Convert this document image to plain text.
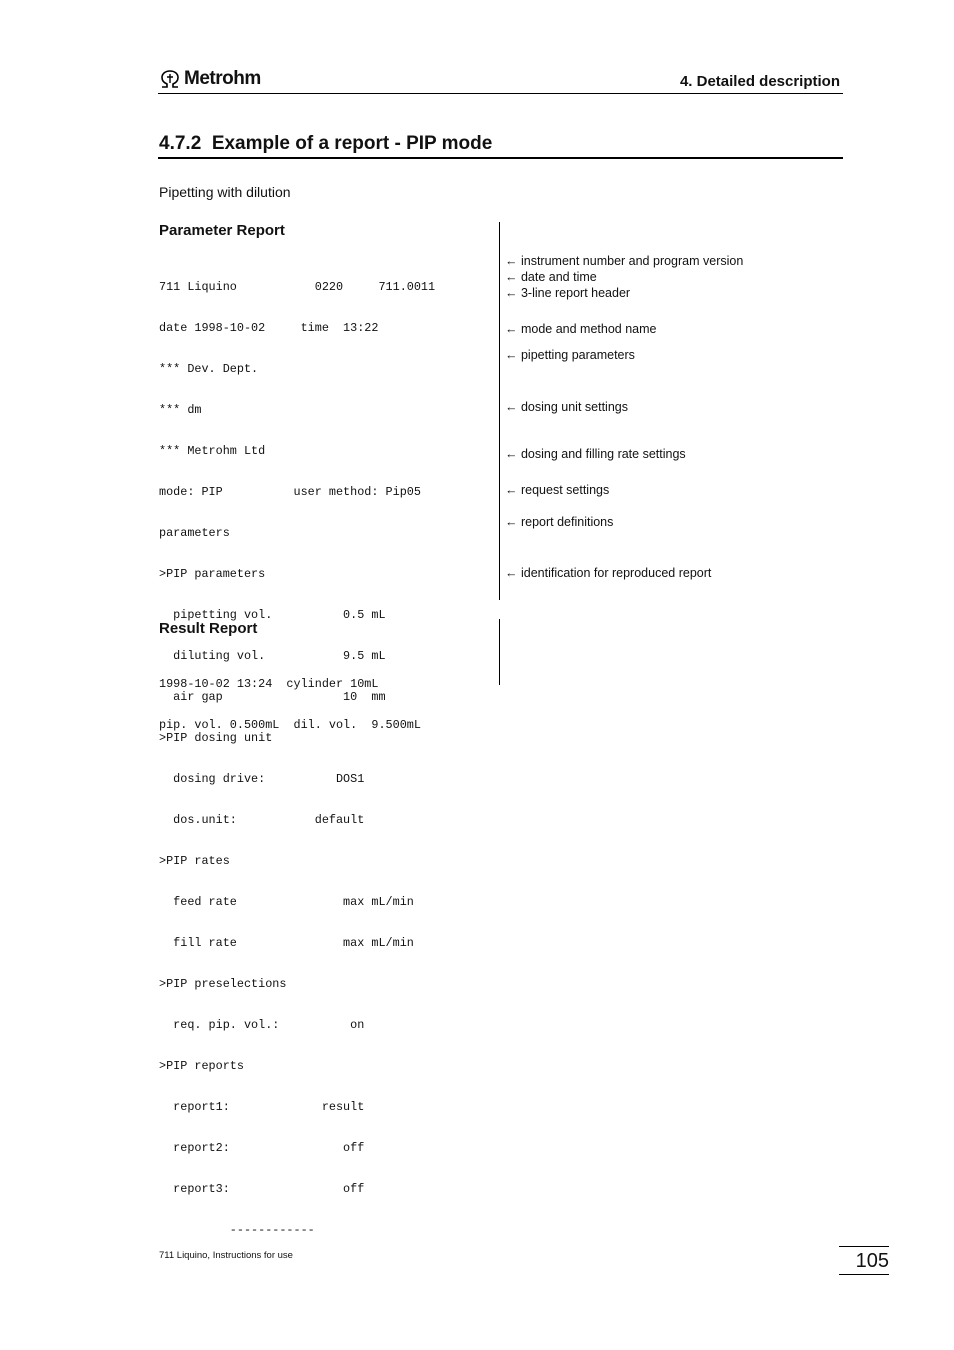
Metrohm	4. Detailed description
4.7.2  Example of a report - PIP mode
Pipetting with dilution
Parameter Report

711 Liquino           0220     711.0011

date 1998-10-02     time  13:22

*** Dev. Dept.

*** dm

*** Metrohm Ltd

mode: PIP          user method: Pip05

parameters

>PIP parameters

pipetting vol.          0.5 mL

diluting vol.           9.5 mL

air gap                 10  mm

>PIP dosing unit

dosing drive:          DOS1

dos.unit:           default

>PIP rates

feed rate               max mL/min

fill rate               max mL/min

>PIP preselections

req. pip. vol.:          on

>PIP reports

report1:             result

report2:                off

report3:                off

------------

← instrument number and program version
← date and time
← 3-line report header
← mode and method name
← pipetting parameters
← dosing unit settings
← dosing and filling rate settings
← request settings
← report definitions
← identification for reproduced report
Result Report

1998-10-02 13:24  cylinder 10mL

pip. vol. 0.500mL  dil. vol.  9.500mL

711 Liquino, Instructions for use	105
